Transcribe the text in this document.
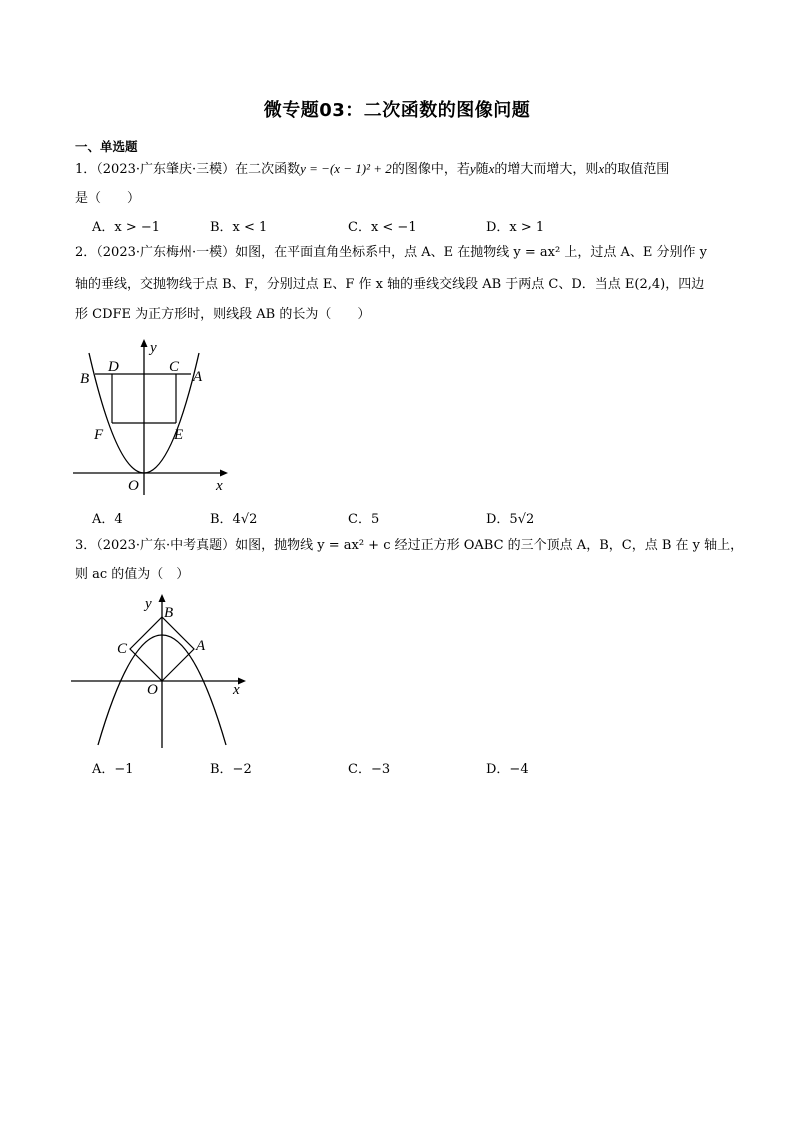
微专题03：二次函数的图像问题
一、单选题
1．（2023·广东肇庆·三模）在二次函数y = −(x − 1)² + 2的图像中，若y随x的增大而增大，则x的取值范围
是（　　）
A．x > −1	B．x < 1	C．x < −1	D．x > 1
2．（2023·广东梅州·一模）如图，在平面直角坐标系中，点 A、E 在抛物线 y = ax² 上，过点 A、E 分别作 y
轴的垂线，交抛物线于点 B、F，分别过点 E、F 作 x 轴的垂线交线段 AB 于两点 C、D．当点 E(2,4)，四边
形 CDFE 为正方形时，则线段 AB 的长为（　　）
B
D	C
A
F	E
O	x
y
A．4	B．4√2	C．5	D．5√2
3．（2023·广东·中考真题）如图，抛物线 y = ax² + c 经过正方形 OABC 的三个顶点 A，B，C，点 B 在 y 轴上，
则 ac 的值为（　）
y
B
C	A
O	x
A．−1	B．−2	C．−3	D．−4
